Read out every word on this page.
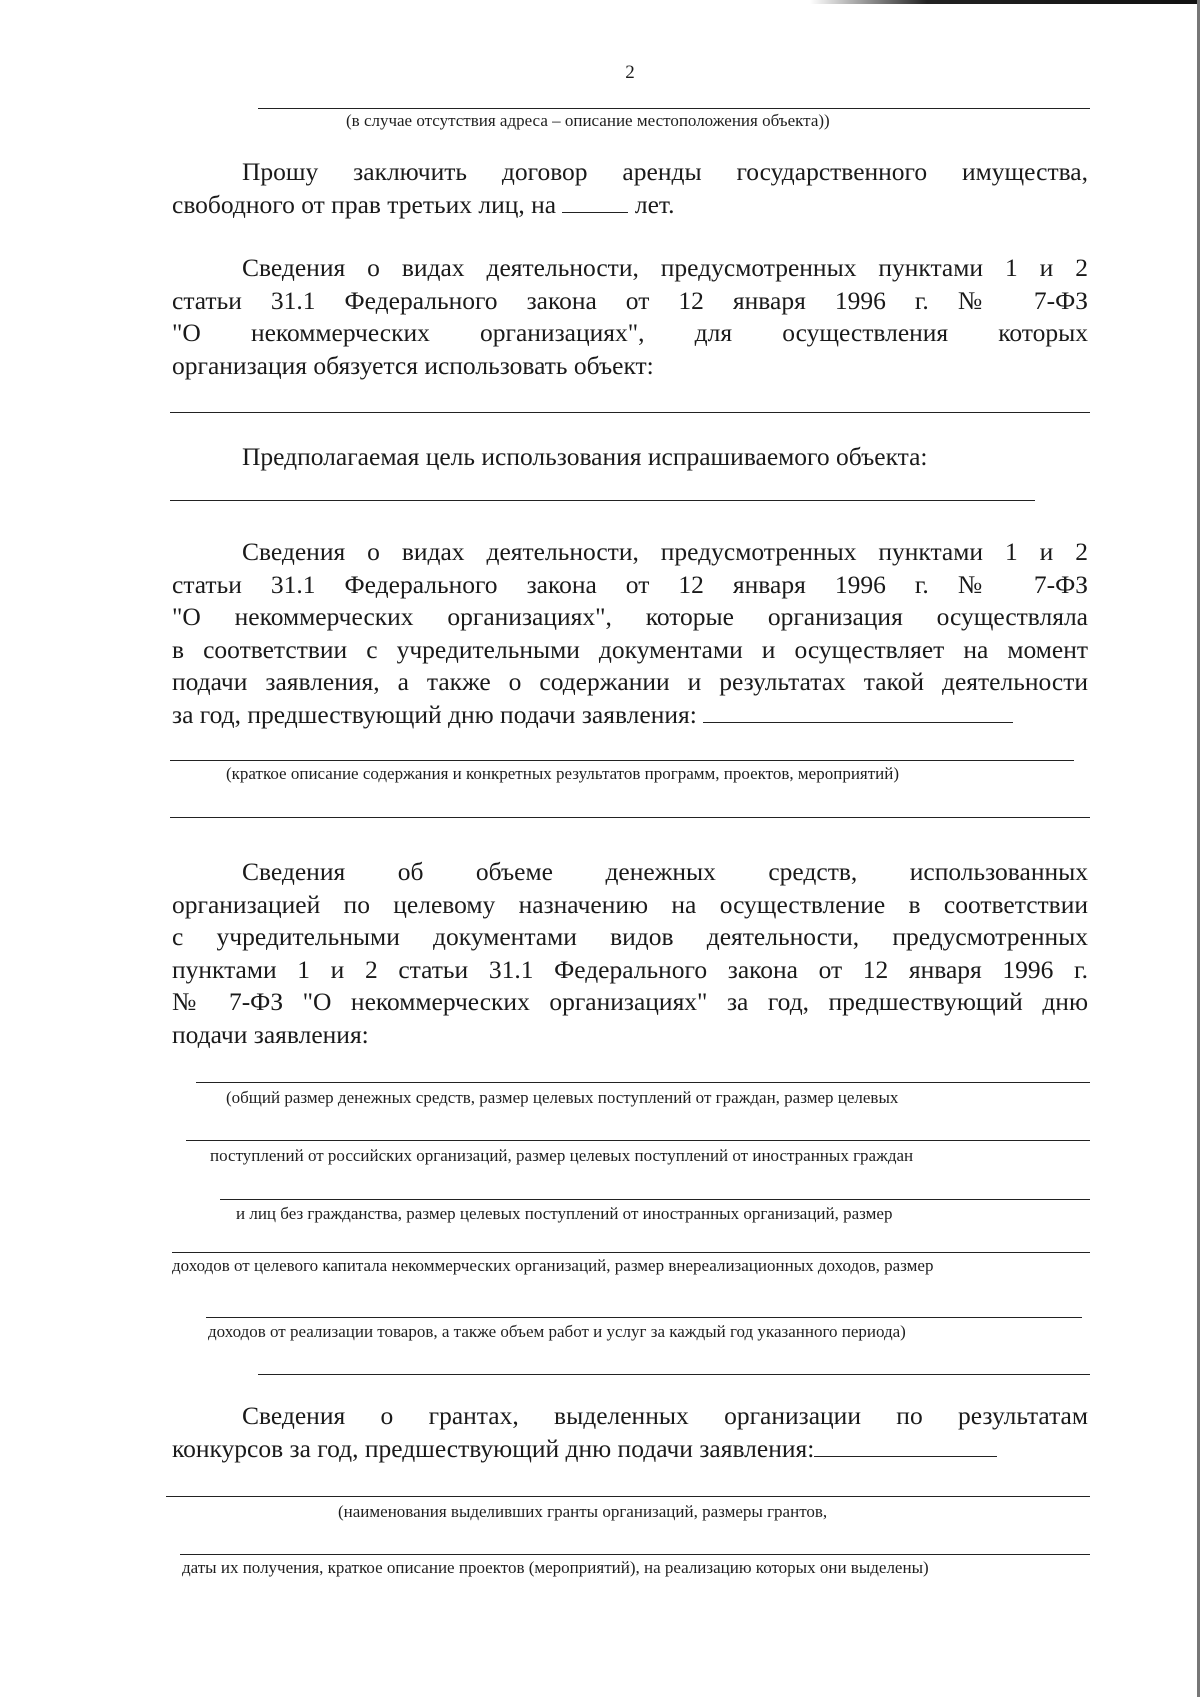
2
(в случае отсутствия адреса – описание местоположения объекта))
Прошу заключить договор аренды государственного имущества,
свободного от прав третьих лиц, на	лет.
Сведения о видах деятельности, предусмотренных пунктами 1 и 2
статьи 31.1 Федерального закона от 12 января 1996 г. № 7-ФЗ
"О некоммерческих организациях", для осуществления которых
организация обязуется использовать объект:
Предполагаемая цель использования испрашиваемого объекта:
Сведения о видах деятельности, предусмотренных пунктами 1 и 2
статьи 31.1 Федерального закона от 12 января 1996 г. № 7-ФЗ
"О некоммерческих организациях", которые организация осуществляла
в соответствии с учредительными документами и осуществляет на момент
подачи заявления, а также о содержании и результатах такой деятельности
за год, предшествующий дню подачи заявления:
(краткое описание содержания и конкретных результатов программ, проектов, мероприятий)
Сведения об объеме денежных средств, использованных
организацией по целевому назначению на осуществление в соответствии
с учредительными документами видов деятельности, предусмотренных
пунктами 1 и 2 статьи 31.1 Федерального закона от 12 января 1996 г.
№ 7-ФЗ "О некоммерческих организациях" за год, предшествующий дню
подачи заявления:
(общий размер денежных средств, размер целевых поступлений от граждан, размер целевых
поступлений от российских организаций, размер целевых поступлений от иностранных граждан
и лиц без гражданства, размер целевых поступлений от иностранных организаций, размер
доходов от целевого капитала некоммерческих организаций, размер внереализационных доходов, размер
доходов от реализации товаров, а также объем работ и услуг за каждый год указанного периода)
Сведения о грантах, выделенных организации по результатам
конкурсов за год, предшествующий дню подачи заявления:
(наименования выделивших гранты организаций, размеры грантов,
даты их получения, краткое описание проектов (мероприятий), на реализацию которых они выделены)
